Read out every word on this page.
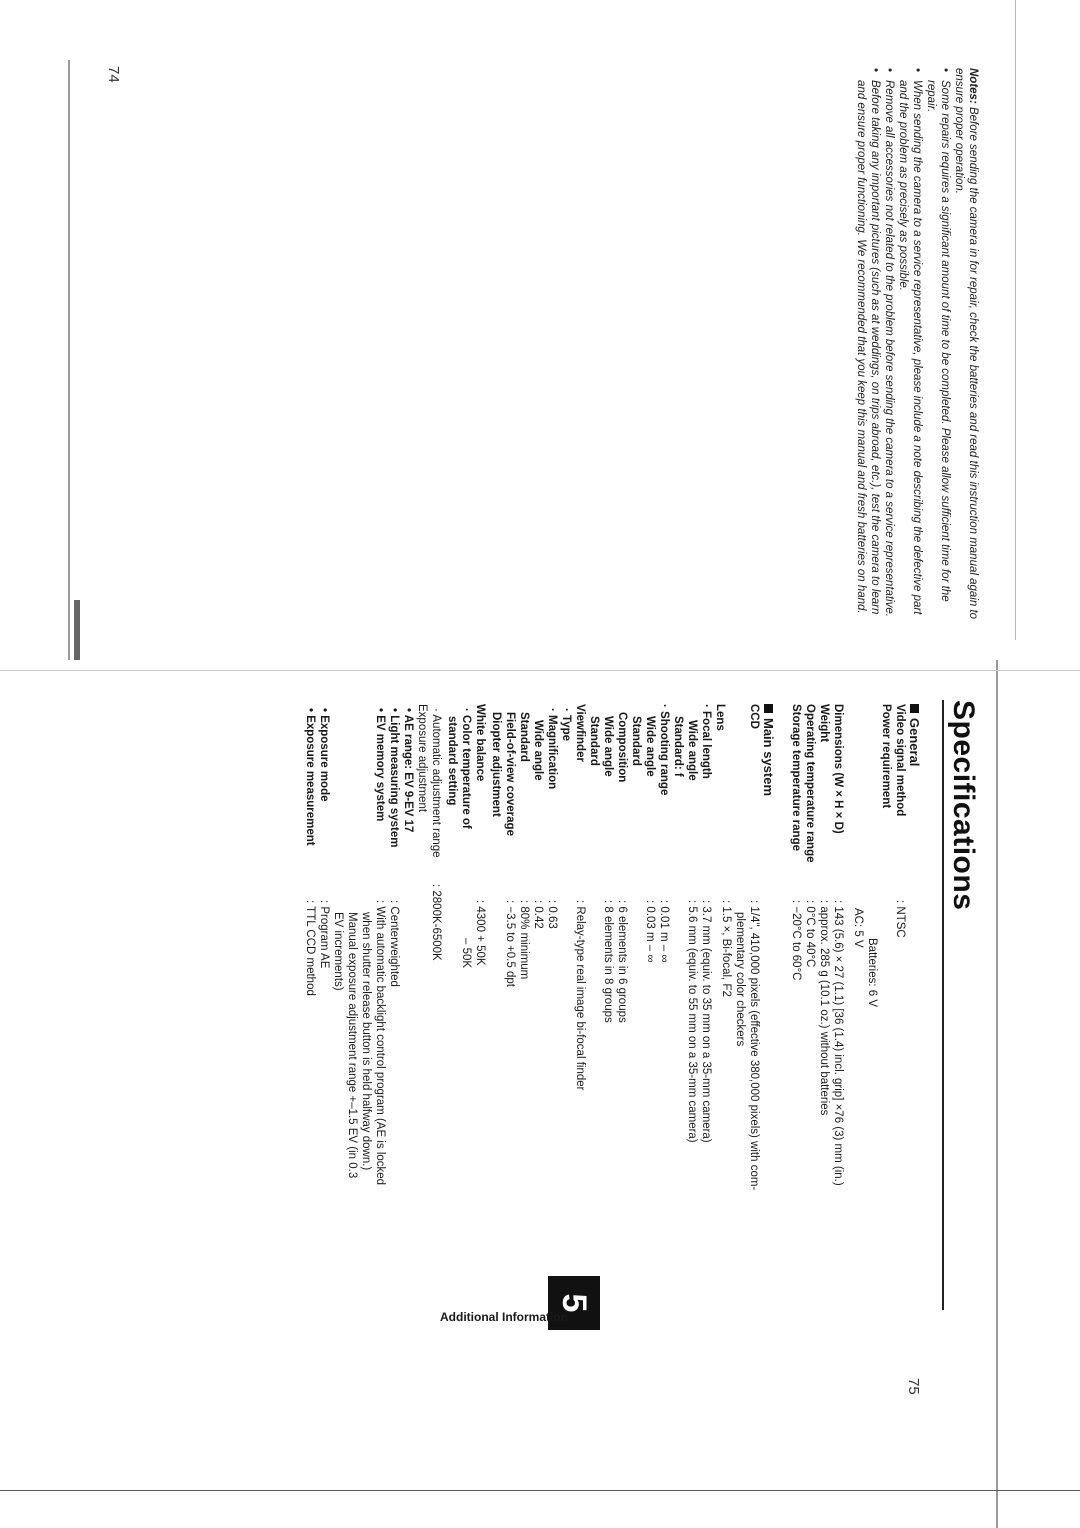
74
75
Notes: Before sending the camera in for repair, check the batteries and read this instruction manual again to ensure proper operation.
• Some repairs requires a significant amount of time to be completed. Please allow sufficient time for the repair.
• When sending the camera to a service representative, please include a note describing the defective part and the problem as precisely as possible.
• Remove all accessories not related to the problem before sending the camera to a service representative.
• Before taking any important pictures (such as at weddings, on trips abroad, etc.), test the camera to learn and ensure proper functioning. We recommended that you keep this manual and fresh batteries on hand.
Specifications
General
Video signal method
: NTSC
Power requirement
Batteries: 6 V
AC: 5 V
Dimensions (W × H × D)
: 143 (5.6) × 27 (1.1) [36 (1.4) incl. grip] ×76 (3) mm (in.)
Weight
: approx. 285 g (10.1 oz.) without batteries
Operating temperature range
: 0°C to 40°C
Storage temperature range
: −20°C to 60°C
Main system
CCD
: 1/4", 410,000 pixels (effective 380,000 pixels) with com-
plementary color checkers
Lens
: 1.5 ×, Bi-focal, F2
· Focal length
Wide angle
: 3.7 mm (equiv. to 35 mm on a 35-mm camera)
Standard: f
: 5.6 mm (equiv. to 55 mm on a 35-mm camera)
· Shooting range
Wide angle
: 0.01 m – ∞
Standard
: 0.03 m – ∞
Composition
Wide angle
: 6 elements in 6 groups
Standard
: 8 elements in 8 groups
Viewfinder
· Type
: Relay-type real image bi-focal finder
· Magnification
Wide angle
: 0.63
Standard
: 0.42
Field-of-view coverage
: 80% minimum
Diopter adjustment
: −3.5 to +0.5 dpt
White balance
· Color temperature of
standard setting
: 4300 + 50K
– 50K
· Automatic adjustment range
: 2800K-6500K
Exposure adjustment
• AE range: EV 9-EV 17
• Light measuring system
: Centerweighted
• EV memory system
: With automatic backlight control program (AE is locked
when shutter release button is held halfway down.)
Manual exposure adjustment range +–1.5 EV (in 0.3
EV increments)
• Exposure mode
: Program AE
• Exposure measurement
: TTL CCD method
5
Additional Information
